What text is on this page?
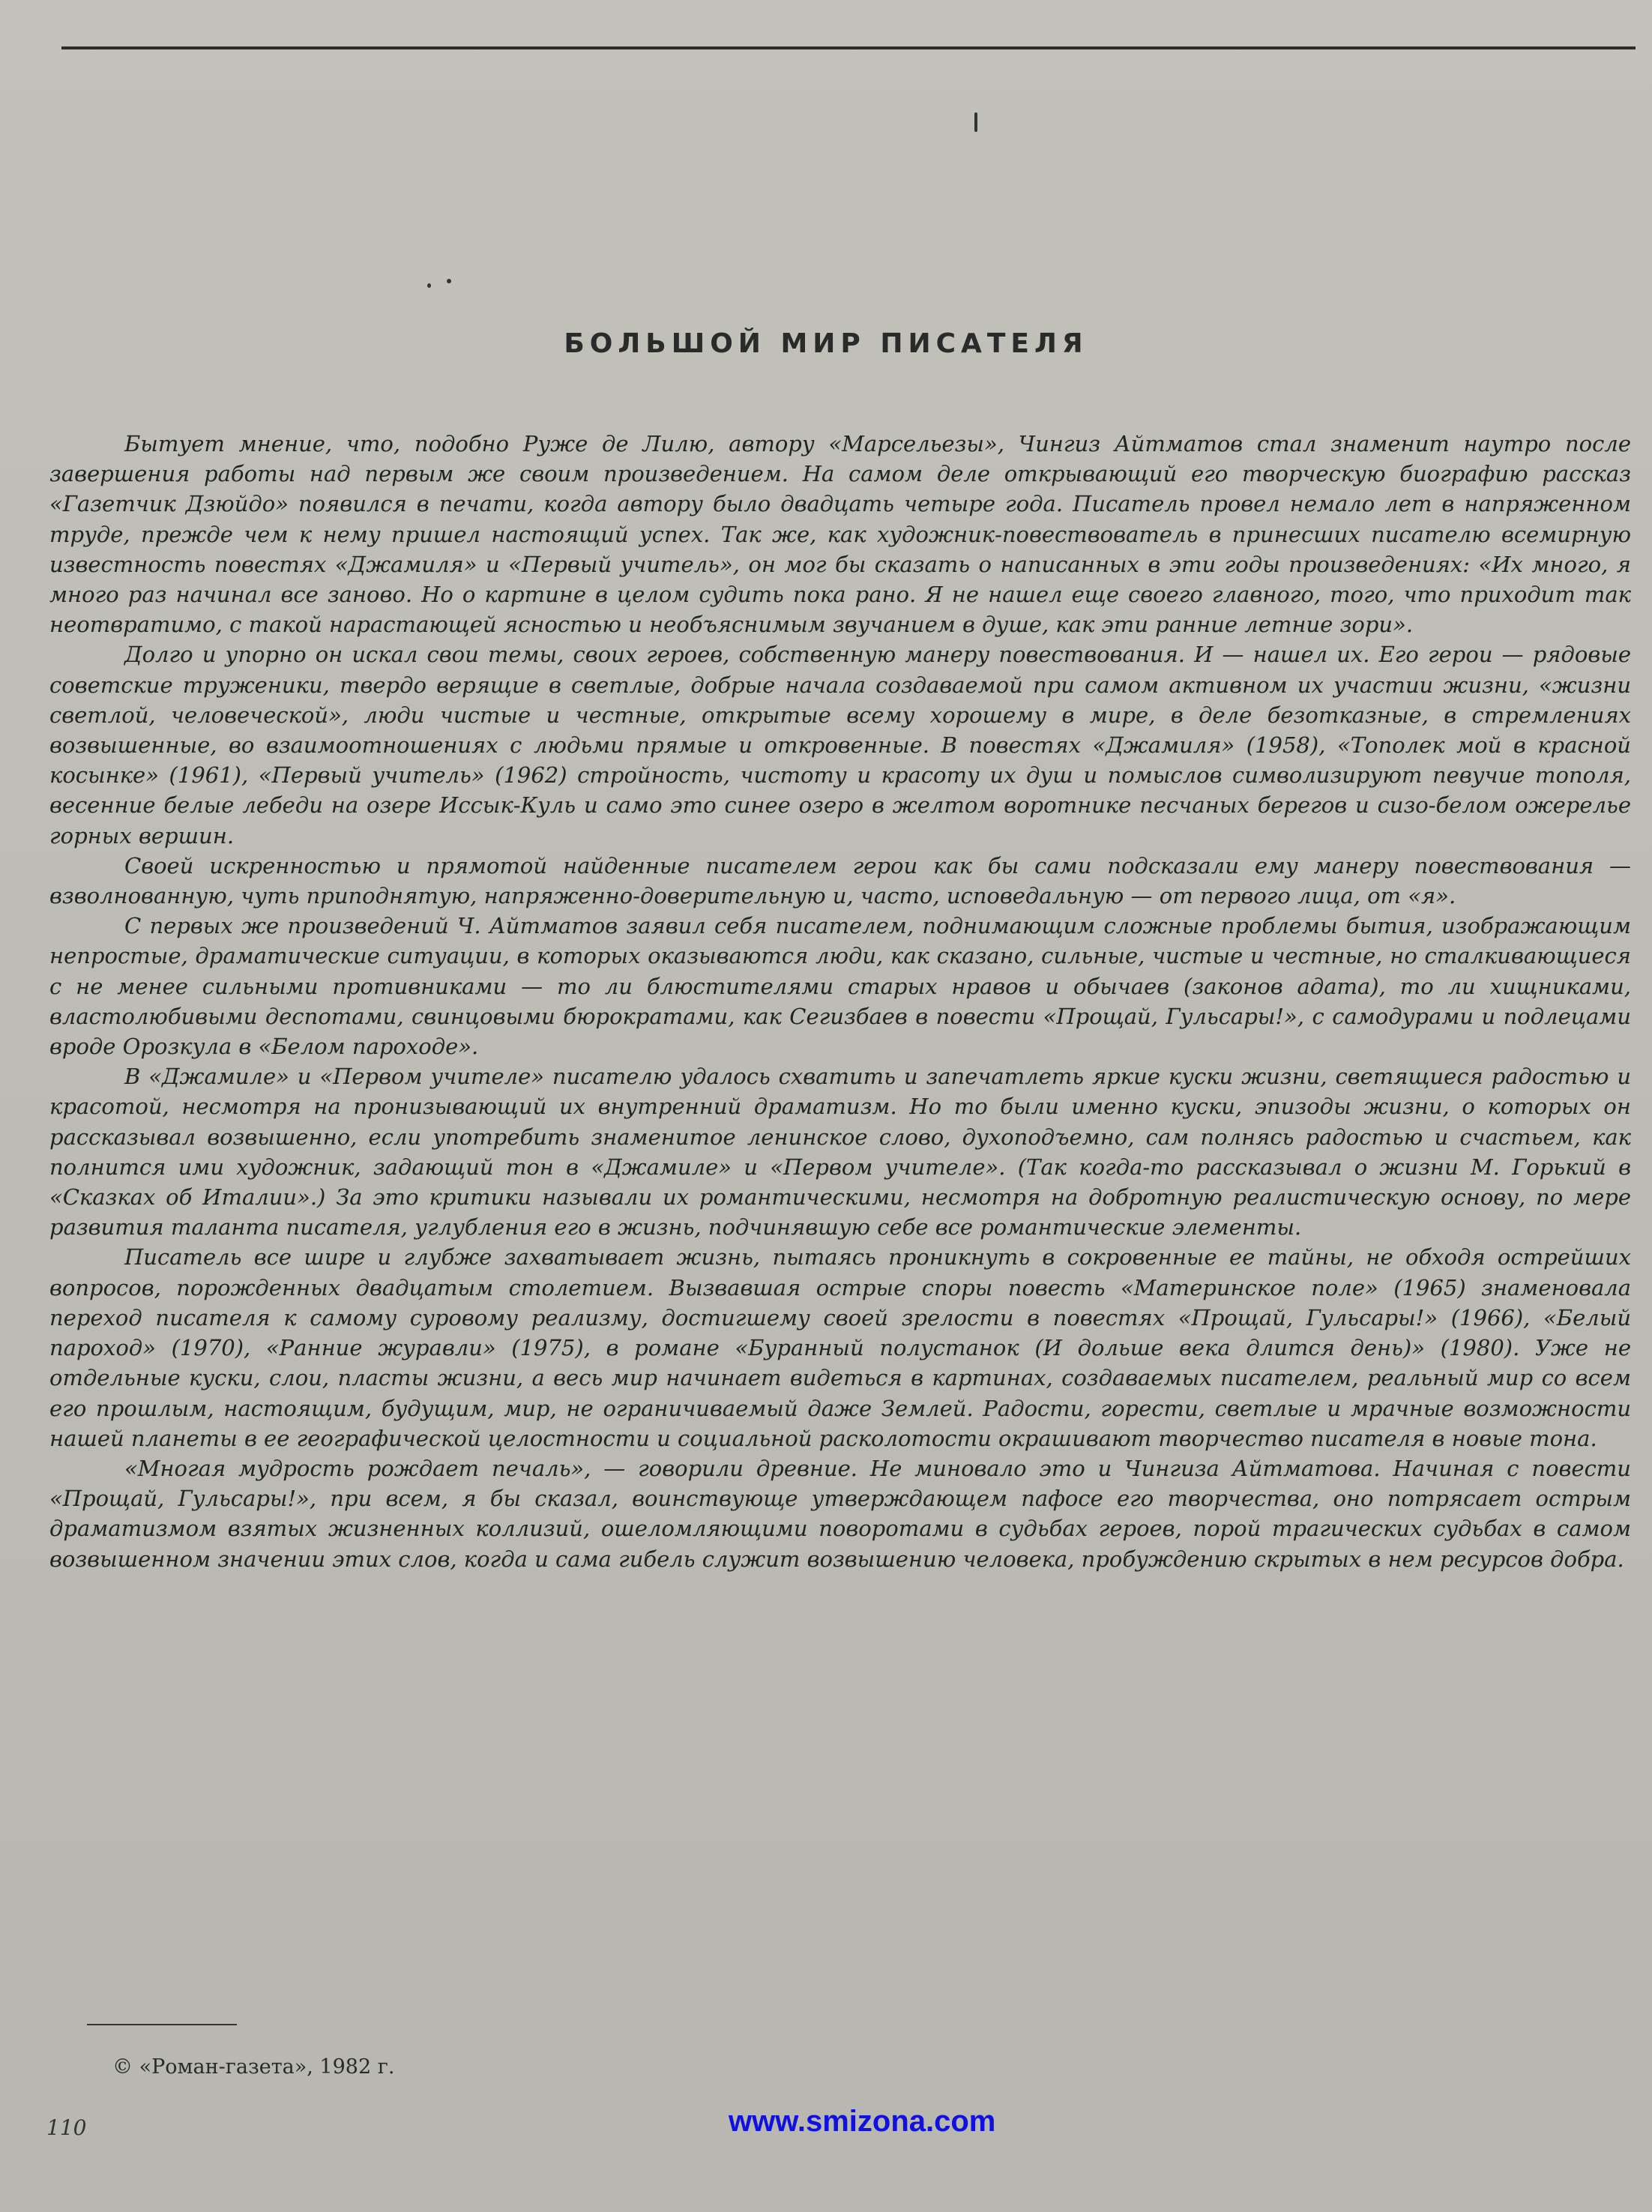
БОЛЬШОЙ МИР ПИСАТЕЛЯ

Бытует мнение, что, подобно Руже де Лилю, автору «Марсельезы», Чингиз Айтматов стал знаменит наутро после завершения работы над первым же своим произведением. На самом деле открывающий его творческую биографию рассказ «Газетчик Дзюйдо» появился в печати, когда автору было двадцать четыре года. Писатель провел немало лет в напряженном труде, прежде чем к нему пришел настоящий успех. Так же, как художник-повествователь в принесших писателю всемирную известность повестях «Джамиля» и «Первый учитель», он мог бы сказать о написанных в эти годы произведениях: «Их много, я много раз начинал все заново. Но о картине в целом судить пока рано. Я не нашел еще своего главного, того, что приходит так неотвратимо, с такой нарастающей ясностью и необъяснимым звучанием в душе, как эти ранние летние зори».

Долго и упорно он искал свои темы, своих героев, собственную манеру повествования. И — нашел их. Его герои — рядовые советские труженики, твердо верящие в светлые, добрые начала создаваемой при самом активном их участии жизни, «жизни светлой, человеческой», люди чистые и честные, открытые всему хорошему в мире, в деле безотказные, в стремлениях возвышенные, во взаимоотношениях с людьми прямые и откровенные. В повестях «Джамиля» (1958), «Тополек мой в красной косынке» (1961), «Первый учитель» (1962) стройность, чистоту и красоту их душ и помыслов символизируют певучие тополя, весенние белые лебеди на озере Иссык-Куль и само это синее озеро в желтом воротнике песчаных берегов и сизо-белом ожерелье горных вершин.

Своей искренностью и прямотой найденные писателем герои как бы сами подсказали ему манеру повествования — взволнованную, чуть приподнятую, напряженно-доверительную и, часто, исповедальную — от первого лица, от «я».

С первых же произведений Ч. Айтматов заявил себя писателем, поднимающим сложные проблемы бытия, изображающим непростые, драматические ситуации, в которых оказываются люди, как сказано, сильные, чистые и честные, но сталкивающиеся с не менее сильными противниками — то ли блюстителями старых нравов и обычаев (законов адата), то ли хищниками, властолюбивыми деспотами, свинцовыми бюрократами, как Сегизбаев в повести «Прощай, Гульсары!», с самодурами и подлецами вроде Орозкула в «Белом пароходе».

В «Джамиле» и «Первом учителе» писателю удалось схватить и запечатлеть яркие куски жизни, светящиеся радостью и красотой, несмотря на пронизывающий их внутренний драматизм. Но то были именно куски, эпизоды жизни, о которых он рассказывал возвышенно, если употребить знаменитое ленинское слово, духоподъемно, сам полнясь радостью и счастьем, как полнится ими художник, задающий тон в «Джамиле» и «Первом учителе». (Так когда-то рассказывал о жизни М. Горький в «Сказках об Италии».) За это критики называли их романтическими, несмотря на добротную реалистическую основу, по мере развития таланта писателя, углубления его в жизнь, подчинявшую себе все романтические элементы.

Писатель все шире и глубже захватывает жизнь, пытаясь проникнуть в сокровенные ее тайны, не обходя острейших вопросов, порожденных двадцатым столетием. Вызвавшая острые споры повесть «Материнское поле» (1965) знаменовала переход писателя к самому суровому реализму, достигшему своей зрелости в повестях «Прощай, Гульсары!» (1966), «Белый пароход» (1970), «Ранние журавли» (1975), в романе «Буранный полустанок (И дольше века длится день)» (1980). Уже не отдельные куски, слои, пласты жизни, а весь мир начинает видеться в картинах, создаваемых писателем, реальный мир со всем его прошлым, настоящим, будущим, мир, не ограничиваемый даже Землей. Радости, горести, светлые и мрачные возможности нашей планеты в ее географической целостности и социальной расколотости окрашивают творчество писателя в новые тона.

«Многая мудрость рождает печаль», — говорили древние. Не миновало это и Чингиза Айтматова. Начиная с повести «Прощай, Гульсары!», при всем, я бы сказал, воинствующе утверждающем пафосе его творчества, оно потрясает острым драматизмом взятых жизненных коллизий, ошеломляющими поворотами в судьбах героев, порой трагических судьбах в самом возвышенном значении этих слов, когда и сама гибель служит возвышению человека, пробуждению скрытых в нем ресурсов добра.

© «Роман-газета», 1982 г.
110	www.smizona.com
